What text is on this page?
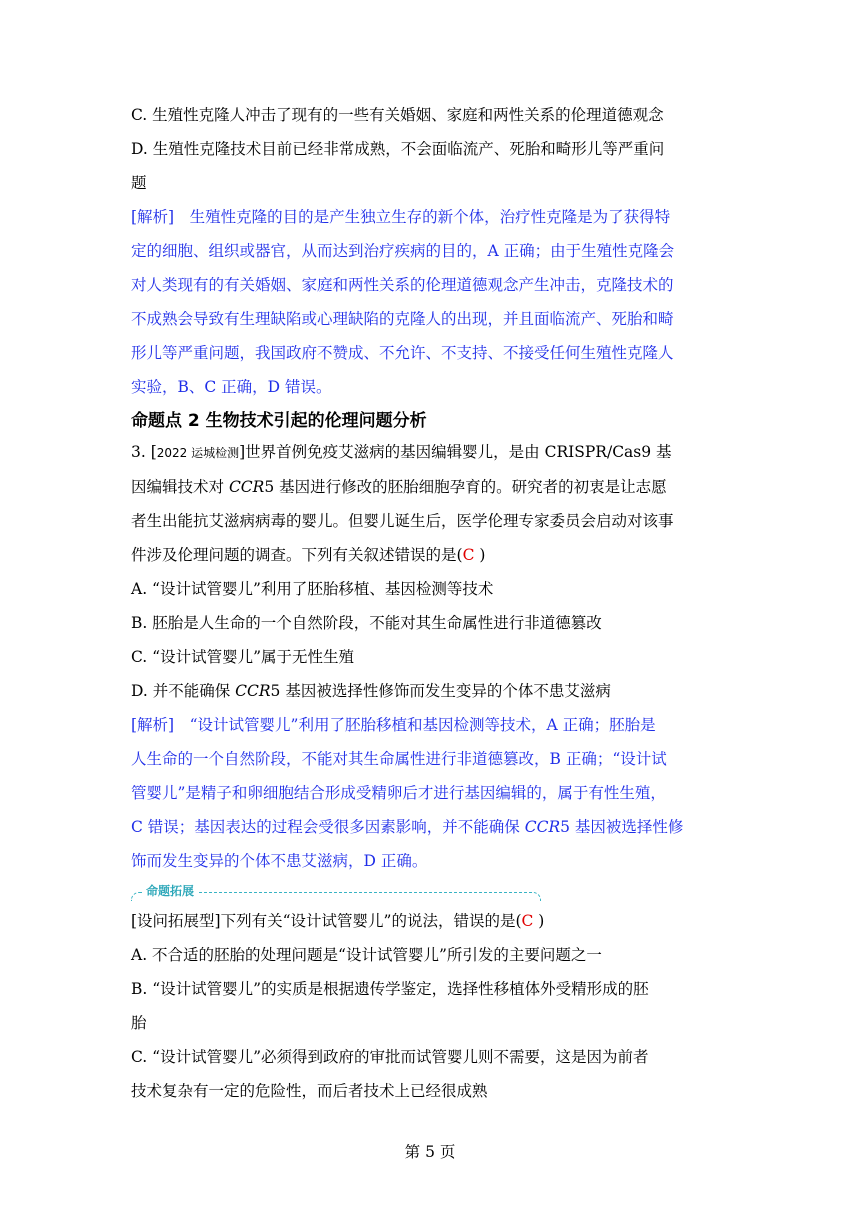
C. 生殖性克隆人冲击了现有的一些有关婚姻、家庭和两性关系的伦理道德观念

D. 生殖性克隆技术目前已经非常成熟，不会面临流产、死胎和畸形儿等严重问

题

[解析]　生殖性克隆的目的是产生独立生存的新个体，治疗性克隆是为了获得特

定的细胞、组织或器官，从而达到治疗疾病的目的，A 正确；由于生殖性克隆会

对人类现有的有关婚姻、家庭和两性关系的伦理道德观念产生冲击，克隆技术的

不成熟会导致有生理缺陷或心理缺陷的克隆人的出现，并且面临流产、死胎和畸

形儿等严重问题，我国政府不赞成、不允许、不支持、不接受任何生殖性克隆人

实验，B、C 正确，D 错误。

命题点 2 生物技术引起的伦理问题分析

3. [2022 运城检测]世界首例免疫艾滋病的基因编辑婴儿，是由 CRISPR/Cas9 基

因编辑技术对 CCR5 基因进行修改的胚胎细胞孕育的。研究者的初衷是让志愿

者生出能抗艾滋病病毒的婴儿。但婴儿诞生后，医学伦理专家委员会启动对该事

件涉及伦理问题的调查。下列有关叙述错误的是(C )

A. “设计试管婴儿”利用了胚胎移植、基因检测等技术

B. 胚胎是人生命的一个自然阶段，不能对其生命属性进行非道德篡改

C. “设计试管婴儿”属于无性生殖

D. 并不能确保 CCR5 基因被选择性修饰而发生变异的个体不患艾滋病

[解析]　“设计试管婴儿”利用了胚胎移植和基因检测等技术，A 正确；胚胎是

人生命的一个自然阶段，不能对其生命属性进行非道德篡改，B 正确；“设计试

管婴儿”是精子和卵细胞结合形成受精卵后才进行基因编辑的，属于有性生殖，

C 错误；基因表达的过程会受很多因素影响，并不能确保 CCR5 基因被选择性修

饰而发生变异的个体不患艾滋病，D 正确。

命题拓展

[设问拓展型]下列有关“设计试管婴儿”的说法，错误的是(C )

A. 不合适的胚胎的处理问题是“设计试管婴儿”所引发的主要问题之一

B. “设计试管婴儿”的实质是根据遗传学鉴定，选择性移植体外受精形成的胚

胎

C. “设计试管婴儿”必须得到政府的审批而试管婴儿则不需要，这是因为前者

技术复杂有一定的危险性，而后者技术上已经很成熟

第 5 页
